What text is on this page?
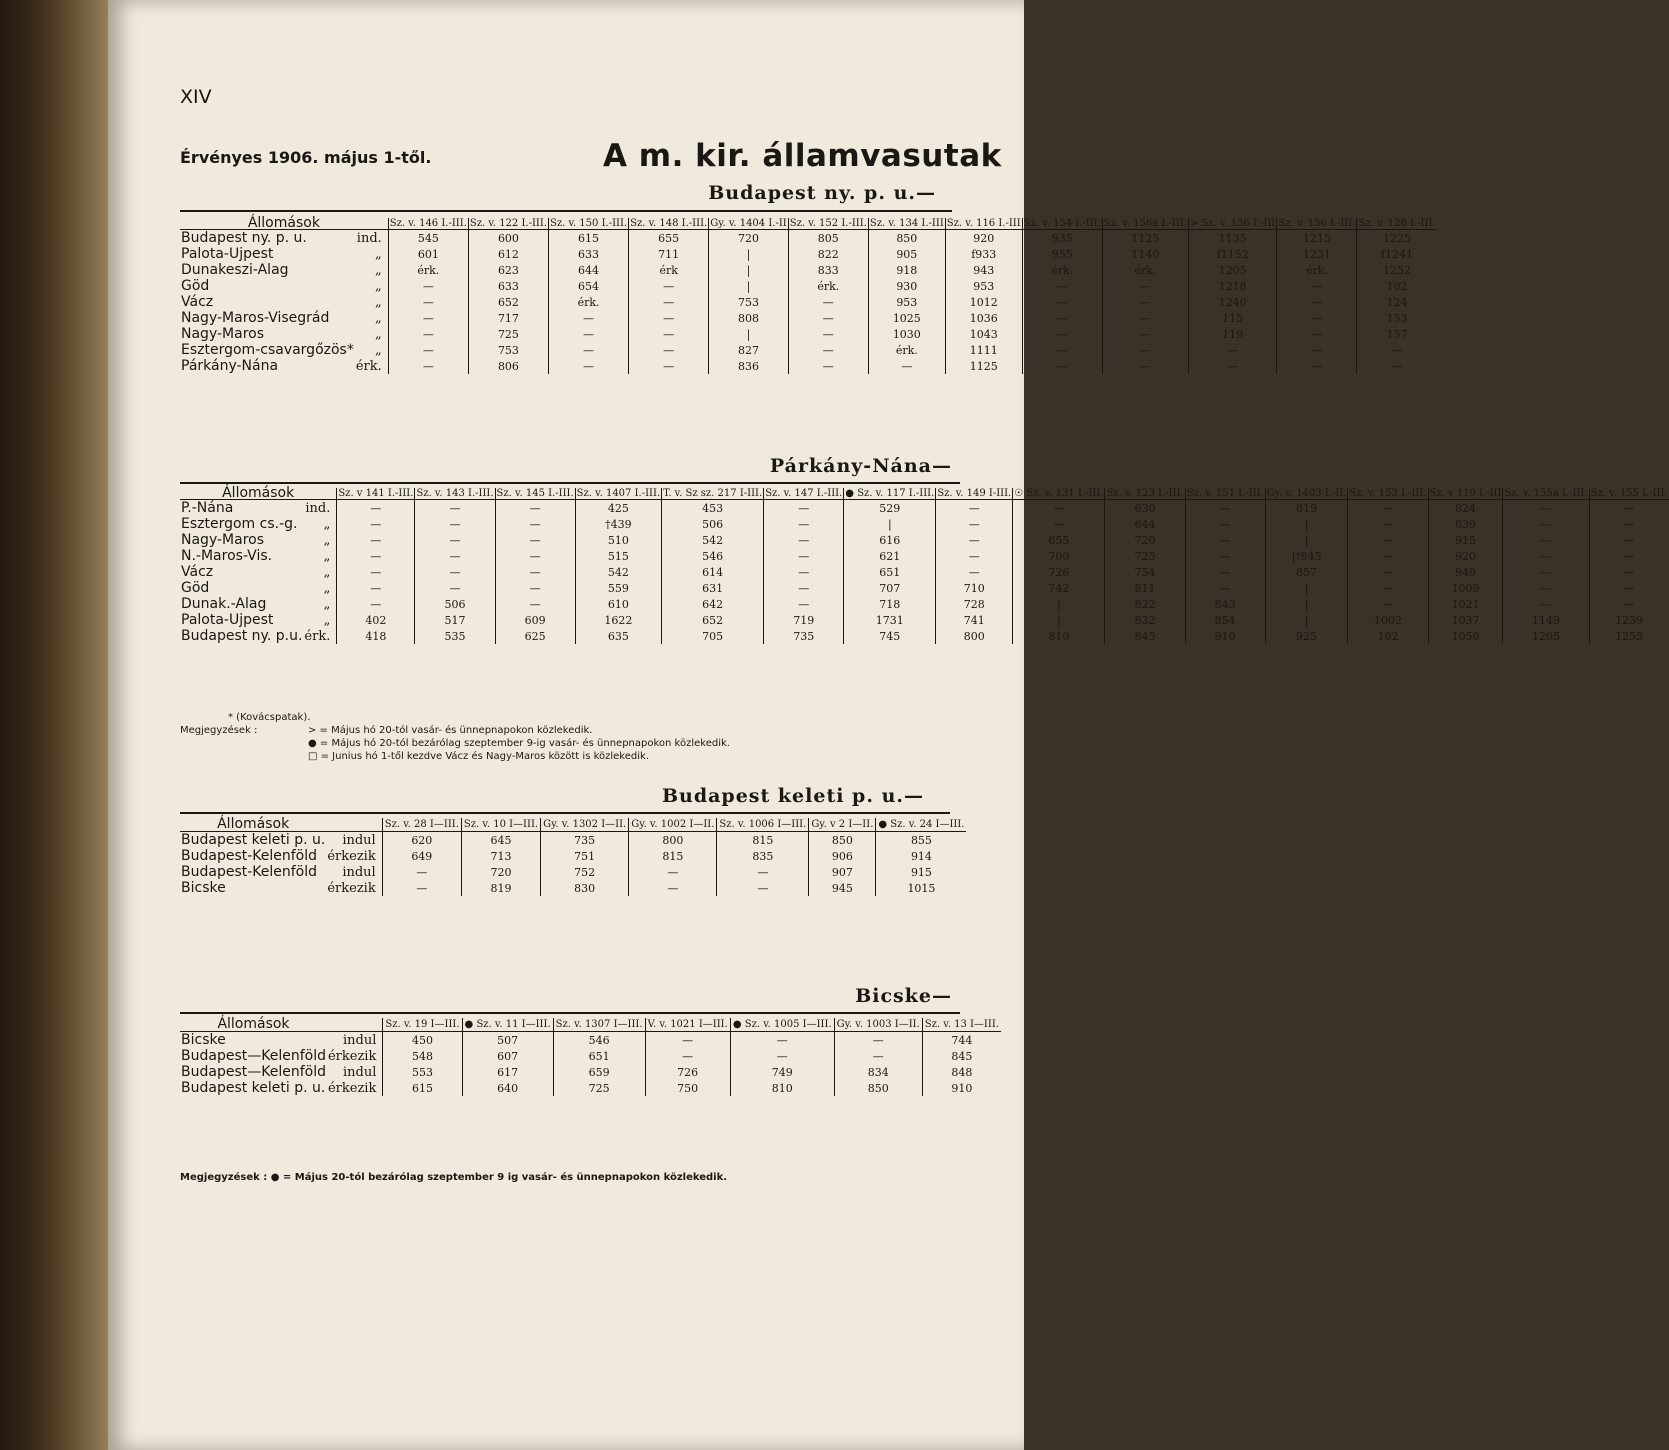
XIV
Érvényes 1906. május 1-től.	A m. kir. államvasutak
Budapest ny. p. u.—
Állomások		Sz. v. 146 I.-III.	Sz. v. 122 I.-III.	Sz. v. 150 I.-III.	Sz. v. 148 I.-III.	Gy. v. 1404 I.-II	Sz. v. 152 I.-III.	Sz. v. 134 I.-III	Sz. v. 116 I.-III	Sz. v. 154 I.-III.	Sz. v. 156a I.-III.	> Sz. v. 136 I.-III	Sz. v. 156 I.-III.	Sz. v. 128 I.-III.
Budapest ny. p. u.	ind.	545	600	615	655	720	805	850	920	935	1125	1135	1215	1225
Palota-Ujpest	„	601	612	633	711	|	822	905	f933	955	1140	f1152	1231	f1241
Dunakeszi-Alag	„	érk.	623	644	érk	|	833	918	943	érk.	érk.	1205	érk.	1252
Göd	„	—	633	654	—	|	érk.	930	953	—	—	1218	—	102
Vácz	„	—	652	érk.	—	753	—	953	1012	—	—	1240	—	124
Nagy-Maros-Visegrád	„	—	717	—	—	808	—	1025	1036	—	—	115	—	153
Nagy-Maros	„	—	725	—	—	|	—	1030	1043	—	—	119	—	157
Esztergom-csavargőzös*	„	—	753	—	—	827	—	érk.	1111	—	—	—	—	—
Párkány-Nána	érk.	—	806	—	—	836	—	—	1125	—	—	—	—	—
Párkány-Nána—
Állomások		Sz. v 141 I.-III.	Sz. v. 143 I.-III.	Sz. v. 145 I.-III.	Sz. v. 1407 I.-III.	T. v. Sz sz. 217 I-III.	Sz. v. 147 I.-III.	● Sz. v. 117 I.-III.	Sz. v. 149 I-III.	☉ Sz. v. 131 I.-III.	Sz. v. 123 I.-III.	Sz. v. 151 I.-III.	Gy. v. 1403 I.-II.	Sz. v. 153 I.-III.	Sz. v 119 I.-III	Sz. v. 155a I.-III.	Sz. v. 155 I.-III.
P.-Nána	ind.	—	—	—	425	453	—	529	—	—	630	—	819	—	824	—	—
Esztergom cs.-g.	„	—	—	—	†439	506	—	|	—	—	644	—	|	—	839	—	—
Nagy-Maros	„	—	—	—	510	542	—	616	—	655	720	—	|	—	915	—	—
N.-Maros-Vis.	„	—	—	—	515	546	—	621	—	700	725	—	|†845	—	920	—	—
Vácz	„	—	—	—	542	614	—	651	—	726	754	—	857	—	949	—	—
Göd	„	—	—	—	559	631	—	707	710	742	811	—	|	—	1009	—	—
Dunak.-Alag	„	—	506	—	610	642	—	718	728	|	822	843	|	—	1021	—	—
Palota-Ujpest	„	402	517	609	1622	652	719	1731	741	|	832	854	|	1002	1037	1149	1239
Budapest ny. p.u.	érk.	418	535	625	635	705	735	745	800	810	845	910	925	102	1050	1205	1255
* (Kovácspatak).
Megjegyzések :	> = Május hó 20-tól vasár- és ünnepnapokon közlekedik.
● = Május hó 20-tól bezárólag szeptember 9-ig vasár- és ünnepnapokon közlekedik.
□ = Junius hó 1-től kezdve Vácz és Nagy-Maros között is közlekedik.
Budapest keleti p. u.—
Állomások		Sz. v. 28 I—III.	Sz. v. 10 I—III.	Gy. v. 1302 I—II.	Gy. v. 1002 I—II.	Sz. v. 1006 I—III.	Gy. v 2 I—II.	● Sz. v. 24 I—III.
Budapest keleti p. u.	indul	620	645	735	800	815	850	855
Budapest-Kelenföld	érkezik	649	713	751	815	835	906	914
Budapest-Kelenföld	indul	—	720	752	—	—	907	915
Bicske	érkezik	—	819	830	—	—	945	1015
Bicske—
Állomások		Sz. v. 19 I—III.	● Sz. v. 11 I—III.	Sz. v. 1307 I—III.	V. v. 1021 I—III.	● Sz. v. 1005 I—III.	Gy. v. 1003 I—II.	Sz. v. 13 I—III.
Bicske	indul	450	507	546	—	—	—	744
Budapest—Kelenföld	érkezik	548	607	651	—	—	—	845
Budapest—Kelenföld	indul	553	617	659	726	749	834	848
Budapest keleti p. u.	érkezik	615	640	725	750	810	850	910
Megjegyzések : ● = Május 20-tól bezárólag szeptember 9 ig vasár- és ünnepnapokon közlekedik.
